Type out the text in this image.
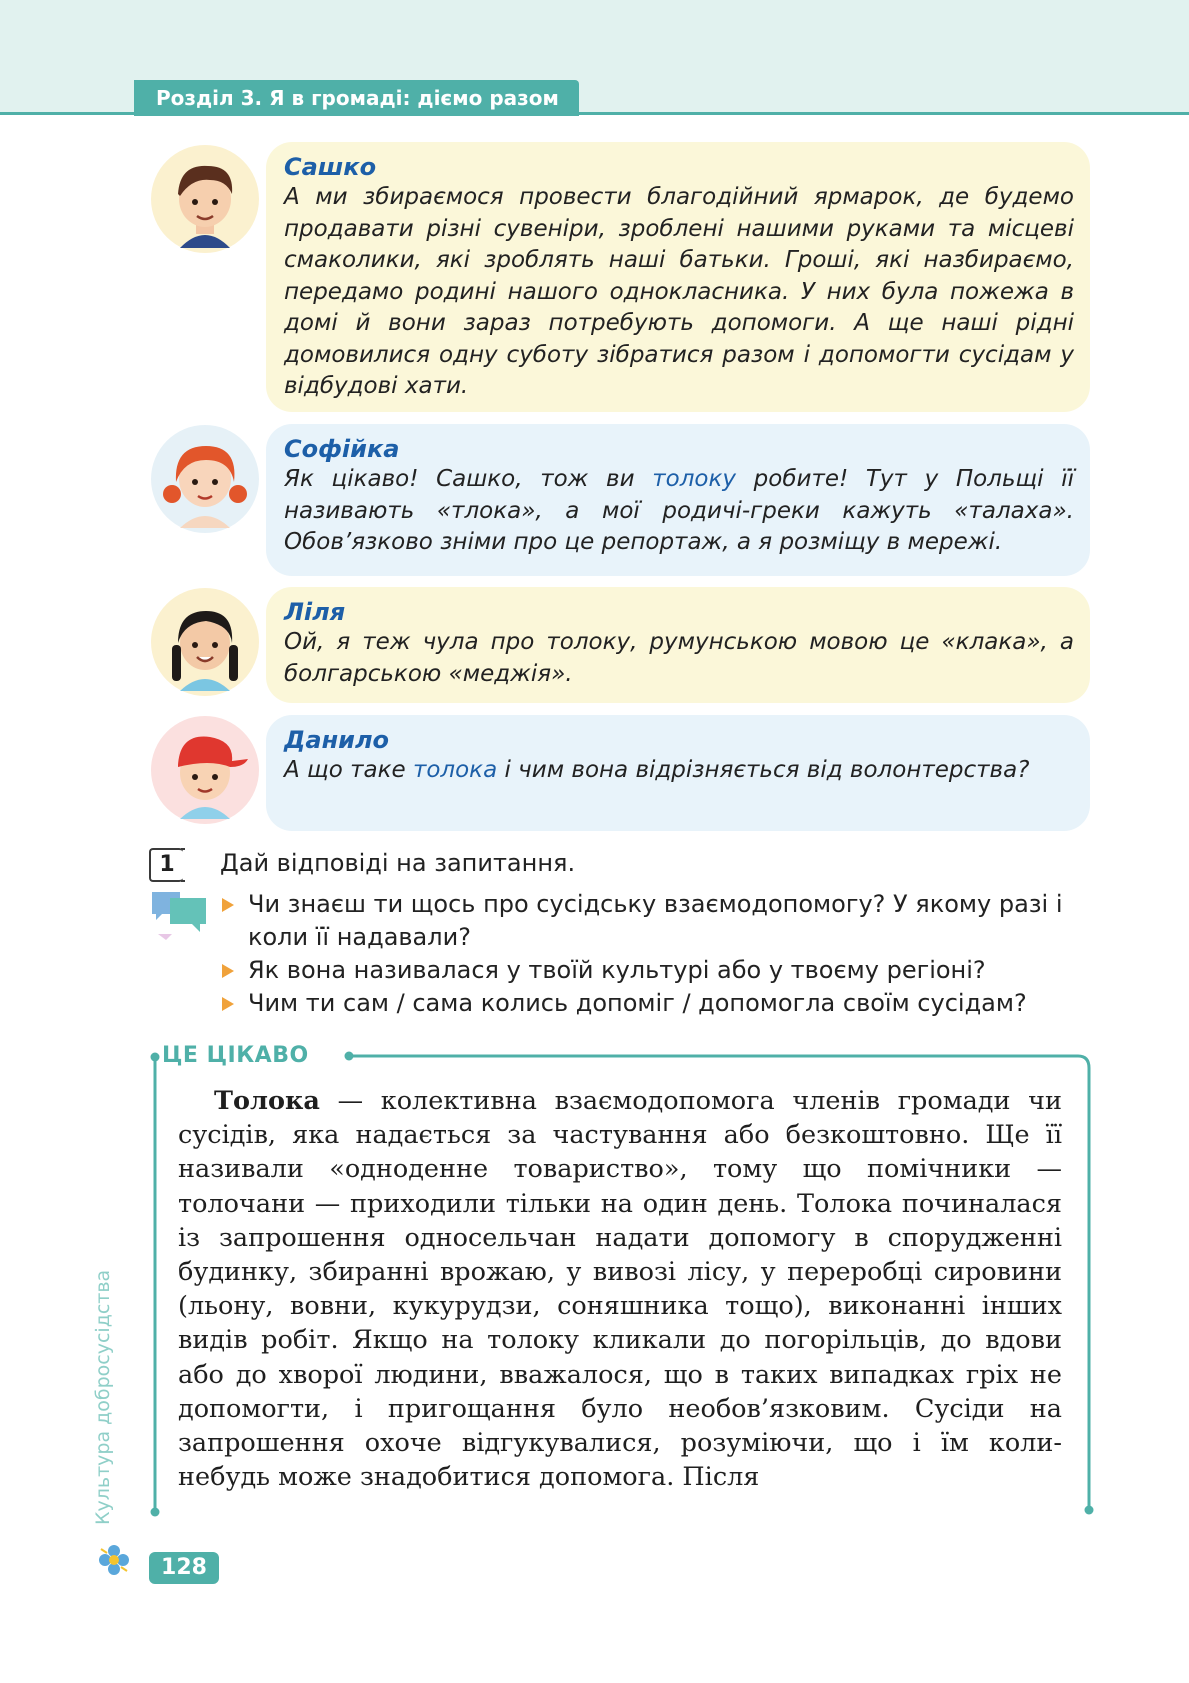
Розділ 3. Я в громаді: діємо разом
Сашко
А ми збираємося провести благодійний ярмарок, де будемо продавати різні сувеніри, зроблені нашими руками та місцеві смаколики, які зроблять наші батьки. Гроші, які назбираємо, передамо родині нашого однокласника. У них була пожежа в домі й вони зараз потребують допомоги. А ще наші рідні домовилися одну суботу зібратися разом і допомогти сусідам у відбудові хати.
Софійка
Як цікаво! Сашко, тож ви толоку робите! Тут у Польщі її називають «тлока», а мої родичі-греки кажуть «талаха». Обов’язково зніми про це репортаж, а я розміщу в мережі.
Ліля
Ой, я теж чула про толоку, румунською мовою це «клака», а болгарською «меджія».
Данило
А що таке толока і чим вона відрізняється від волонтерства?
1	Дай відповіді на запитання.
Чи знаєш ти щось про сусідську взаємодопомогу? У якому разі і коли її надавали?
Як вона називалася у твоїй культурі або у твоєму регіоні?
Чим ти сам / сама колись допоміг / допомогла своїм сусідам?
ЦЕ ЦІКАВО

Толока — колективна взаємодопомога членів громади чи сусідів, яка надається за частування або безкоштовно. Ще її називали «одноденне товариство», тому що помічники — толочани — приходили тільки на один день. Толока починалася із запрошення односельчан надати допомогу в спорудженні будинку, збиранні врожаю, у вивозі лісу, у переробці сировини (льону, вовни, кукурудзи, соняшника тощо), виконанні інших видів робіт. Якщо на толоку кликали до погорільців, до вдови або до хворої людини, вважалося, що в таких випадках гріх не допомогти, і пригощання було необов’язковим. Сусіди на запрошення охоче відгукувалися, розуміючи, що і їм коли-небудь може знадобитися допомога. Після

Культура добросусідства
128
